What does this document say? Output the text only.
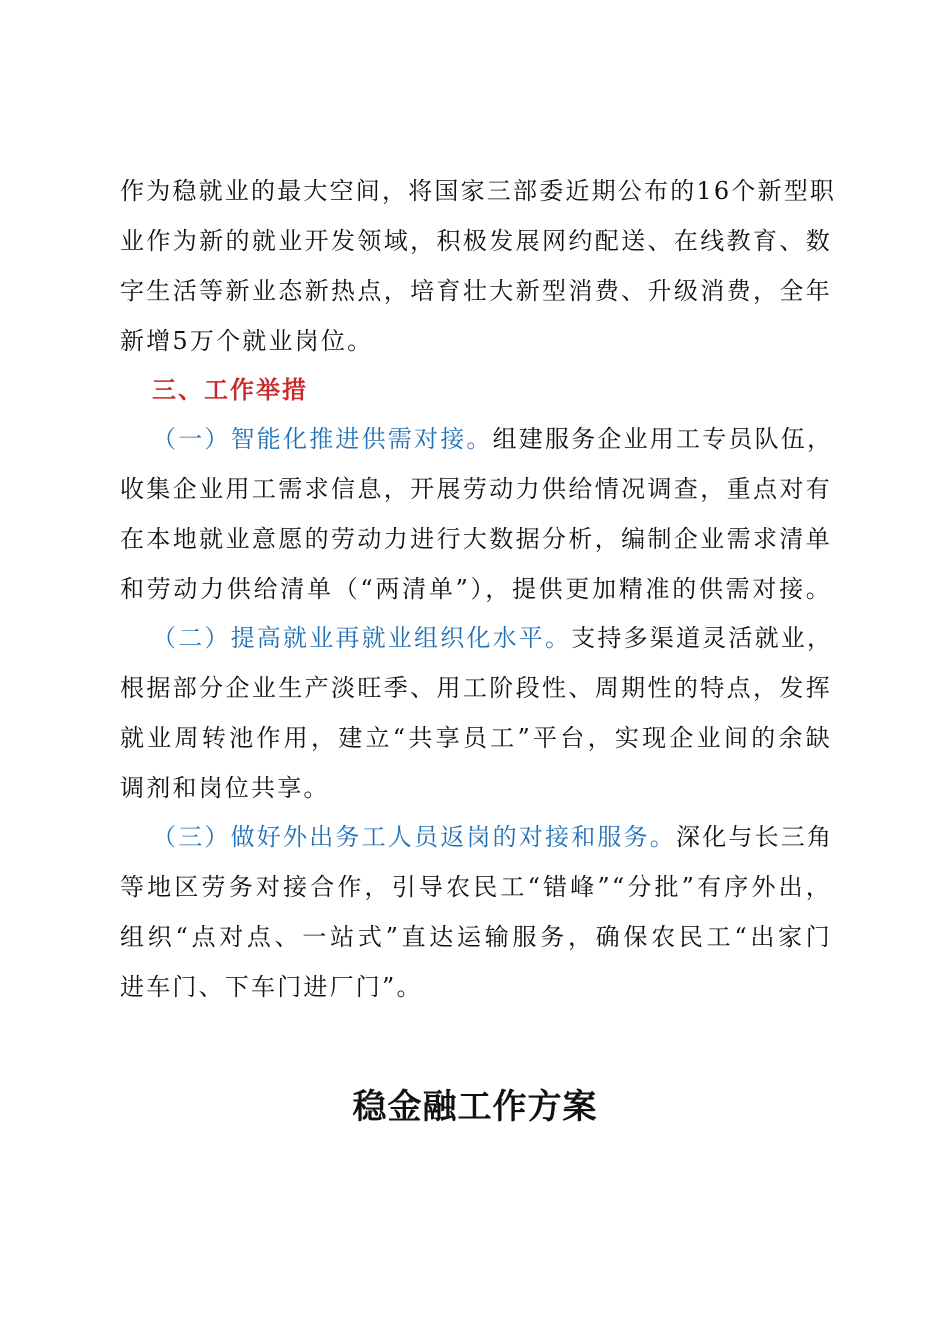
作为稳就业的最大空间，将国家三部委近期公布的16个新型职
业作为新的就业开发领域，积极发展网约配送、在线教育、数
字生活等新业态新热点，培育壮大新型消费、升级消费，全年
新增5万个就业岗位。
三、工作举措
（一）智能化推进供需对接。组建服务企业用工专员队伍，
收集企业用工需求信息，开展劳动力供给情况调查，重点对有
在本地就业意愿的劳动力进行大数据分析，编制企业需求清单
和劳动力供给清单（“两清单”），提供更加精准的供需对接。
（二）提高就业再就业组织化水平。支持多渠道灵活就业，
根据部分企业生产淡旺季、用工阶段性、周期性的特点，发挥
就业周转池作用，建立“共享员工”平台，实现企业间的余缺
调剂和岗位共享。
（三）做好外出务工人员返岗的对接和服务。深化与长三角
等地区劳务对接合作，引导农民工“错峰”“分批”有序外出，
组织“点对点、一站式”直达运输服务，确保农民工“出家门
进车门、下车门进厂门”。
稳金融工作方案
